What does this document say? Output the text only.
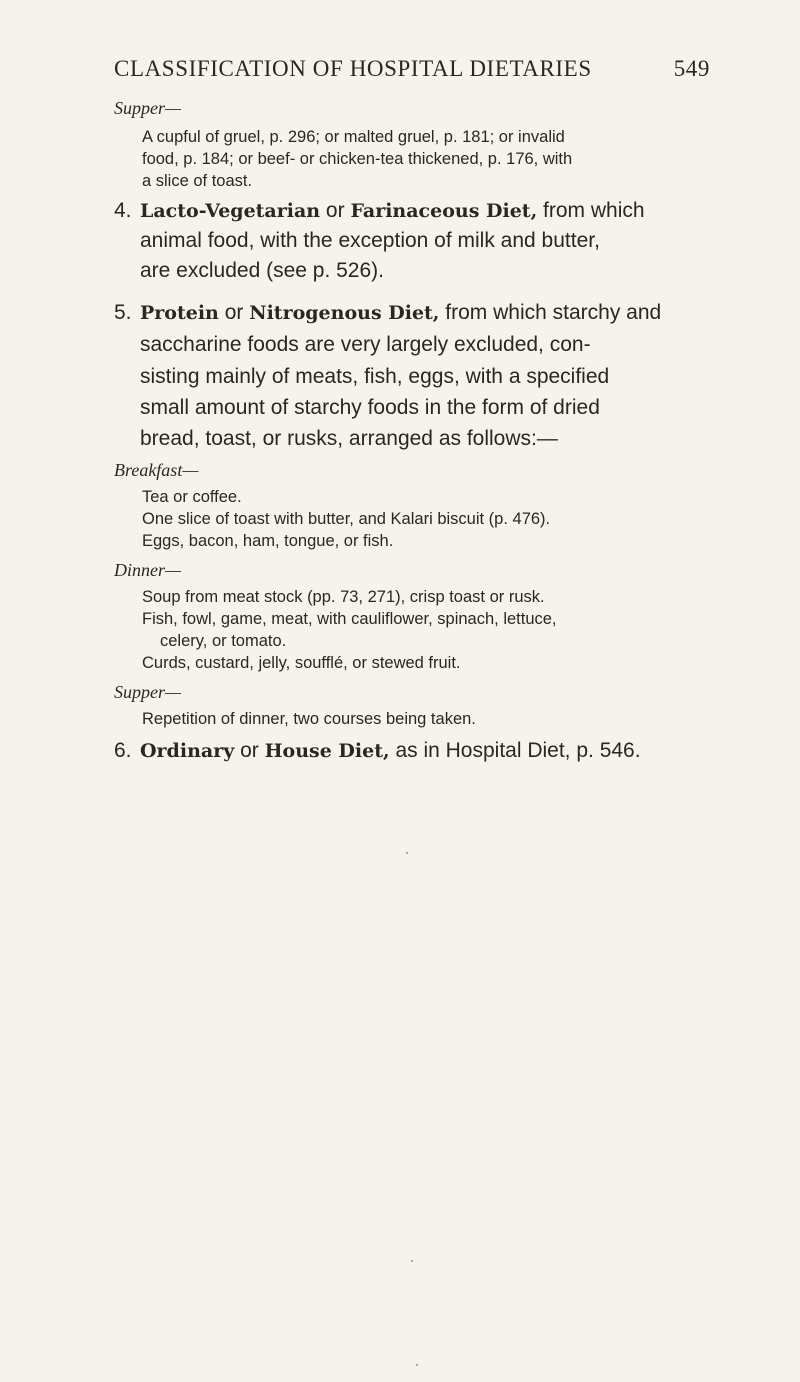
CLASSIFICATION OF HOSPITAL DIETARIES	549
Supper—
A cupful of gruel, p. 296; or malted gruel, p. 181; or invalid
food, p. 184; or beef- or chicken-tea thickened, p. 176, with
a slice of toast.
4. Lacto-Vegetarian or Farinaceous Diet, from which
animal food, with the exception of milk and butter,
are excluded (see p. 526).
5. Protein or Nitrogenous Diet, from which starchy and
saccharine foods are very largely excluded, con-
sisting mainly of meats, fish, eggs, with a specified
small amount of starchy foods in the form of dried
bread, toast, or rusks, arranged as follows:—
Breakfast—
Tea or coffee.
One slice of toast with butter, and Kalari biscuit (p. 476).
Eggs, bacon, ham, tongue, or fish.
Dinner—
Soup from meat stock (pp. 73, 271), crisp toast or rusk.
Fish, fowl, game, meat, with cauliflower, spinach, lettuce,
celery, or tomato.
Curds, custard, jelly, soufflé, or stewed fruit.
Supper—
Repetition of dinner, two courses being taken.
6. Ordinary or House Diet, as in Hospital Diet, p. 546.
